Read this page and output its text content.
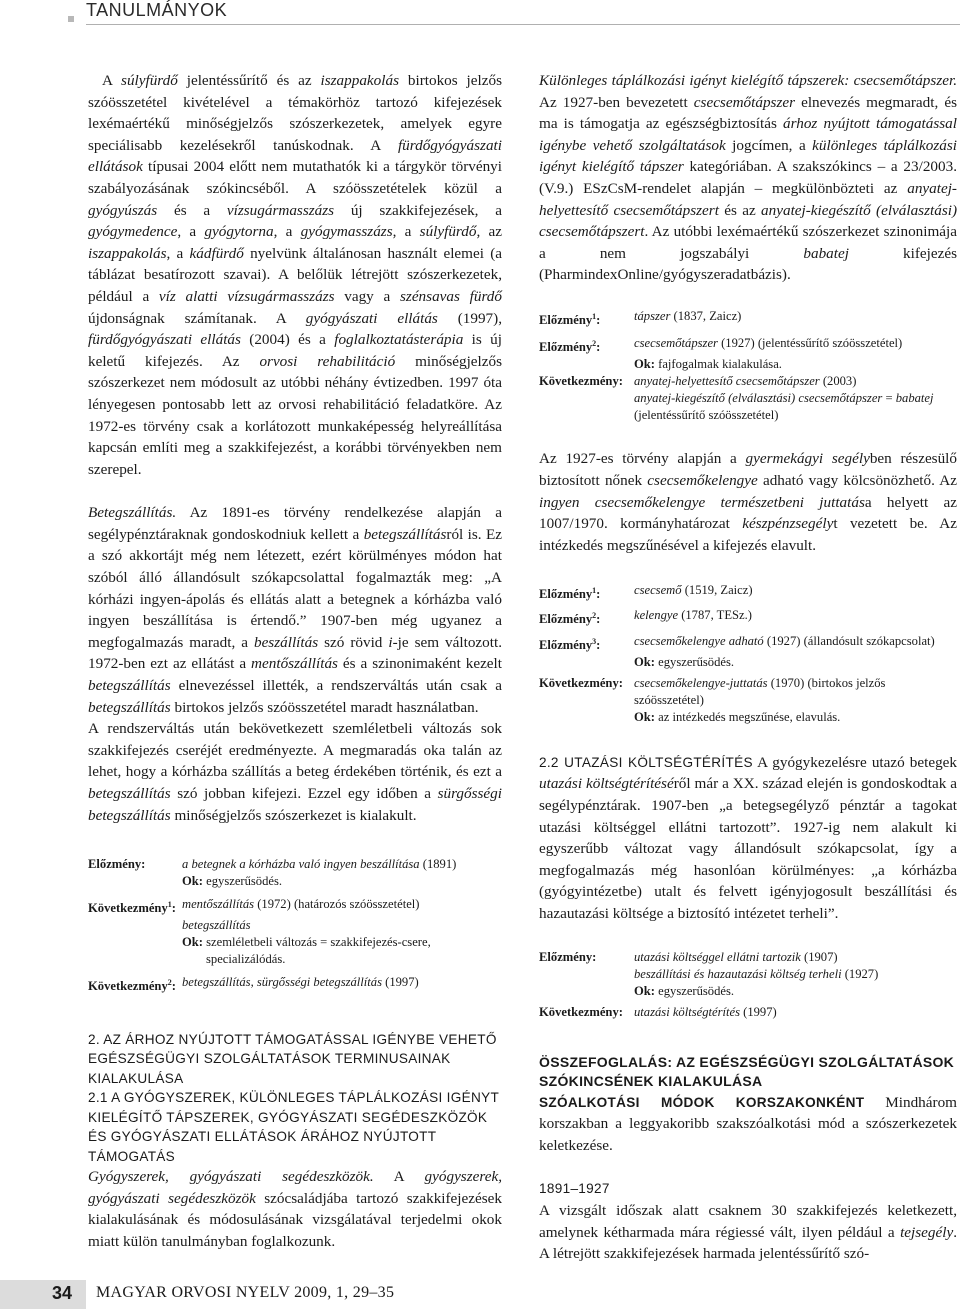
TANULMÁNYOK

A súlyfürdő jelentéssűrítő és az iszappakolás birtokos jelzős szóösszetétel kivételével a témakörhöz tartozó kifejezések lexémaértékű minőségjelzős szószerkezetek, amelyek egyre speciálisabb kezelésekről tanúskodnak. A fürdőgyógyászati ellátások típusai 2004 előtt nem mutathatók ki a tárgykör törvényi szabályozásának szókincséből. A szóösszetételek közül a gyógyúszás és a vízsugármasszázs új szakkifejezések, a gyógymedence, a gyógytorna, a gyógymasszázs, a súlyfürdő, az iszappakolás, a kádfürdő nyelvünk általánosan használt elemei (a táblázat besatírozott szavai). A belőlük létrejött szószerkezetek, például a víz alatti vízsugármasszázs vagy a szénsavas fürdő újdonságnak számítanak. A gyógyászati ellátás (1997), fürdőgyógyászati ellátás (2004) és a foglalkoztatásterápia is új keletű kifejezés. Az orvosi rehabilitáció minőségjelzős szószerkezet nem módosult az utóbbi néhány évtizedben. 1997 óta lényegesen pontosabb lett az orvosi rehabilitáció feladatköre. Az 1972-es törvény csak a korlátozott munkaképesség helyreállítása kapcsán említi meg a szakkifejezést, a korábbi törvényekben nem szerepel.

Betegszállítás. Az 1891-es törvény rendelkezése alapján a segélypénztáraknak gondoskodniuk kellett a betegszállításról is. Ez a szó akkortájt még nem létezett, ezért körülményes módon hat szóból álló állandósult szókapcsolattal fogalmazták meg: „A kórházi ingyen-ápolás és ellátás alatt a betegnek a kórházba való ingyen beszállítása is értendő.” 1907-ben még ugyanez a megfogalmazás maradt, a beszállítás szó rövid i-je sem változott. 1972-ben ezt az ellátást a mentőszállítás és a szinonimaként kezelt betegszállítás elnevezéssel illették, a rendszerváltás után csak a betegszállítás birtokos jelzős szóösszetétel maradt használatban.

A rendszerváltás után bekövetkezett szemléletbeli változás sok szakkifejezés cseréjét eredményezte. A megmaradás oka talán az lehet, hogy a kórházba szállítás a beteg érdekében történik, és ezt a betegszállítás szó jobban kifejezi. Ezzel egy időben a sürgősségi betegszállítás minőségjelzős szószerkezet is kialakult.

Előzmény:	a betegnek a kórházba való ingyen beszállítása (1891)
Ok: egyszerűsödés.
Következmény$^1$: mentőszállítás (1972) (határozós szóösszetétel)
betegszállítás
Ok: szemléletbeli változás = szakkifejezés-csere,
specializálódás.
Következmény$^2$: betegszállítás, sürgősségi betegszállítás (1997)
2. AZ ÁRHOZ NYÚJTOTT TÁMOGATÁSSAL IGÉNYBE VEHETŐ EGÉSZSÉGÜGYI SZOLGÁLTATÁSOK TERMINUSAINAK KIALAKULÁSA
2.1 A GYÓGYSZEREK, KÜLÖNLEGES TÁPLÁLKOZÁSI IGÉNYT KIELÉGÍTŐ TÁPSZEREK, GYÓGYÁSZATI SEGÉDESZKÖZÖK ÉS GYÓGYÁSZATI ELLÁTÁSOK ÁRÁHOZ NYÚJTOTT TÁMOGATÁS

Gyógyszerek, gyógyászati segédeszközök. A gyógyszerek, gyógyászati segédeszközök szócsaládjába tartozó szakkifejezések kialakulásának és módosulásának vizsgálatával terjedelmi okok miatt külön tanulmányban foglalkozunk.

Különleges táplálkozási igényt kielégítő tápszerek: csecsemőtápszer. Az 1927-ben bevezetett csecsemőtápszer elnevezés megmaradt, és ma is támogatja az egészségbiztosítás árhoz nyújtott támogatással igénybe vehető szolgáltatások jogcímen, a különleges táplálkozási igényt kielégítő tápszer kategóriában. A szakszókincs – a 23/2003. (V.9.) ESzCsM-rendelet alapján – megkülönbözteti az anyatej-helyettesítő csecsemőtápszert és az anyatej-kiegészítő (elválasztási) csecsemőtápszert. Az utóbbi lexémaértékű szószerkezet szinonimája a nem jogszabályi babatej kifejezés (PharmindexOnline/gyógyszeradatbázis).

Előzmény$^1$:	tápszer (1837, Zaicz)
Előzmény$^2$:	csecsemőtápszer (1927) (jelentéssűrítő szóösszetétel)
Ok: fajfogalmak kialakulása.
Következmény: anyatej-helyettesítő csecsemőtápszer (2003)
anyatej-kiegészítő (elválasztási) csecsemőtápszer = babatej
(jelentéssűrítő szóösszetétel)

Az 1927-es törvény alapján a gyermekágyi segélyben részesülő biztosított nőnek csecsemőkelengye adható vagy kölcsönözhető. Az ingyen csecsemőkelengye természetbeni juttatása helyett az 1007/1970. kormányhatározat készpénzsegélyt vezetett be. Az intézkedés megszűnésével a kifejezés elavult.

Előzmény$^1$:	csecsemő (1519, Zaicz)
Előzmény$^2$:	kelengye (1787, TESz.)
Előzmény$^3$:	csecsemőkelengye adható (1927) (állandósult szókapcsolat)
Ok: egyszerűsödés.
Következmény: csecsemőkelengye-juttatás (1970) (birtokos jelzős szóösszetétel)
Ok: az intézkedés megszűnése, elavulás.

2.2 UTAZÁSI KÖLTSÉGTÉRÍTÉS A gyógykezelésre utazó betegek utazási költségtérítéséről már a XX. század elején is gondoskodtak a segélypénztárak. 1907-ben „a betegsegélyző pénztár a tagokat utazási költséggel ellátni tartozott”. 1927-ig nem alakult ki egyszerűbb változat vagy állandósult szókapcsolat, így a megfogalmazás még hasonlóan körülményes: „a kórházba (gyógyintézetbe) utalt és felvett igényjogosult beszállítási és hazautazási költsége a biztosító intézetet terheli”.

Előzmény:	utazási költséggel ellátni tartozik (1907)
beszállítási és hazautazási költség terheli (1927)
Ok: egyszerűsödés.
Következmény: utazási költségtérítés (1997)
ÖSSZEFOGLALÁS: AZ EGÉSZSÉGÜGYI SZOLGÁLTATÁSOK SZÓKINCSÉNEK KIALAKULÁSA

SZÓALKOTÁSI MÓDOK KORSZAKONKÉNT Mindhárom korszakban a leggyakoribb szakszóalkotási mód a szószerkezetek keletkezése.

1891–1927

A vizsgált időszak alatt csaknem 30 szakkifejezés keletkezett, amelynek kétharmada mára régiessé vált, ilyen például a tejsegély. A létrejött szakkifejezések harmada jelentéssűrítő szó-

34 MAGYAR ORVOSI NYELV 2009, 1, 29–35
